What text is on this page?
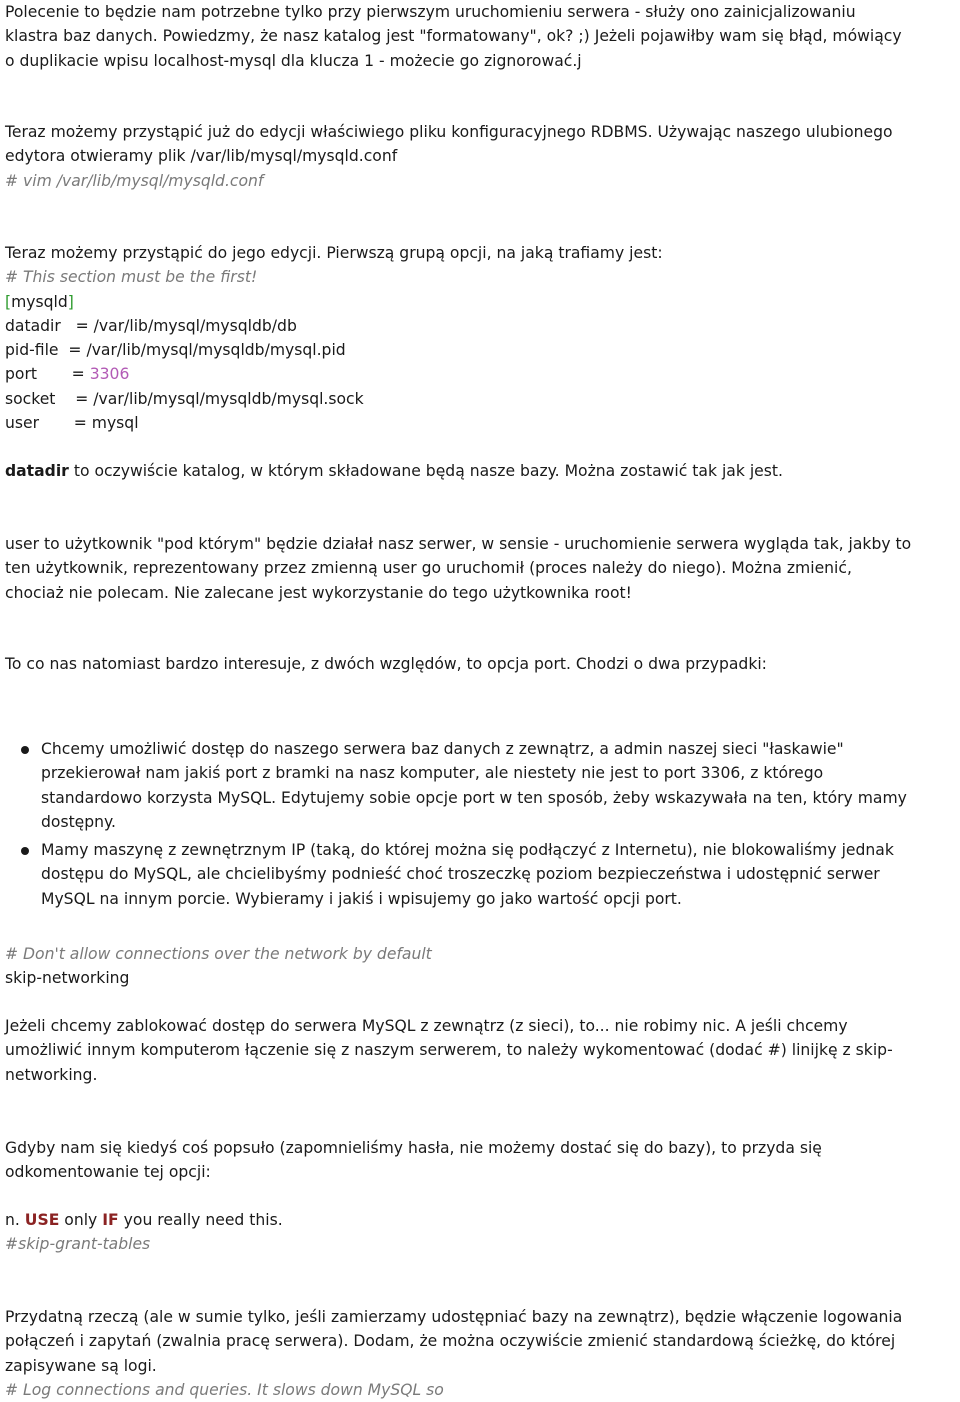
Polecenie to będzie nam potrzebne tylko przy pierwszym uruchomieniu serwera - służy ono zainicjalizowaniu
klastra baz danych. Powiedzmy, że nasz katalog jest "formatowany", ok? ;) Jeżeli pojawiłby wam się błąd, mówiący
o duplikacie wpisu localhost-mysql dla klucza 1 - możecie go zignorować.j
Teraz możemy przystąpić już do edycji właściwiego pliku konfiguracyjnego RDBMS. Używając naszego ulubionego
edytora otwieramy plik /var/lib/mysql/mysqld.conf
# vim /var/lib/mysql/mysqld.conf
Teraz możemy przystąpić do jego edycji. Pierwszą grupą opcji, na jaką trafiamy jest:
# This section must be the first!
[mysqld]
datadir   = /var/lib/mysql/mysqldb/db
pid-file  = /var/lib/mysql/mysqldb/mysql.pid
port       = 3306
socket    = /var/lib/mysql/mysqldb/mysql.sock
user       = mysql
datadir to oczywiście katalog, w którym składowane będą nasze bazy. Można zostawić tak jak jest.
user to użytkownik "pod którym" będzie działał nasz serwer, w sensie - uruchomienie serwera wygląda tak, jakby to
ten użytkownik, reprezentowany przez zmienną user go uruchomił (proces należy do niego). Można zmienić,
chociaż nie polecam. Nie zalecane jest wykorzystanie do tego użytkownika root!
To co nas natomiast bardzo interesuje, z dwóch względów, to opcja port. Chodzi o dwa przypadki:
Chcemy umożliwić dostęp do naszego serwera baz danych z zewnątrz, a admin naszej sieci "łaskawie"
przekierował nam jakiś port z bramki na nasz komputer, ale niestety nie jest to port 3306, z którego
standardowo korzysta MySQL. Edytujemy sobie opcje port w ten sposób, żeby wskazywała na ten, który mamy
dostępny.
Mamy maszynę z zewnętrznym IP (taką, do której można się podłączyć z Internetu), nie blokowaliśmy jednak
dostępu do MySQL, ale chcielibyśmy podnieść choć troszeczkę poziom bezpieczeństwa i udostępnić serwer
MySQL na innym porcie. Wybieramy i jakiś i wpisujemy go jako wartość opcji port.
# Don't allow connections over the network by default
skip-networking
Jeżeli chcemy zablokować dostęp do serwera MySQL z zewnątrz (z sieci), to... nie robimy nic. A jeśli chcemy
umożliwić innym komputerom łączenie się z naszym serwerem, to należy wykomentować (dodać #) linijkę z skip-
networking.
Gdyby nam się kiedyś coś popsuło (zapomnieliśmy hasła, nie możemy dostać się do bazy), to przyda się
odkomentowanie tej opcji:
n. USE only IF you really need this.
#skip-grant-tables
Przydatną rzeczą (ale w sumie tylko, jeśli zamierzamy udostępniać bazy na zewnątrz), będzie włączenie logowania
połączeń i zapytań (zwalnia pracę serwera). Dodam, że można oczywiście zmienić standardową ścieżkę, do której
zapisywane są logi.
# Log connections and queries. It slows down MySQL so
